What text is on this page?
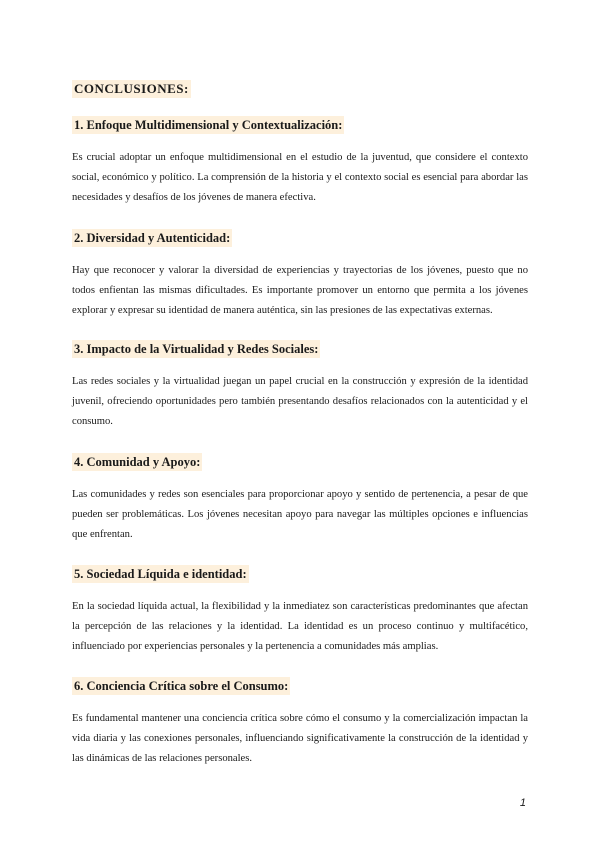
CONCLUSIONES:
1. Enfoque Multidimensional y Contextualización:
Es crucial adoptar un enfoque multidimensional en el estudio de la juventud, que considere el contexto social, económico y político. La comprensión de la historia y el contexto social es esencial para abordar las necesidades y desafíos de los jóvenes de manera efectiva.
2. Diversidad y Autenticidad:
Hay que reconocer y valorar la diversidad de experiencias y trayectorias de los jóvenes, puesto que no todos enfientan las mismas dificultades. Es importante promover un entorno que permita a los jóvenes explorar y expresar su identidad de manera auténtica, sin las presiones de las expectativas externas.
3. Impacto de la Virtualidad y Redes Sociales:
Las redes sociales y la virtualidad juegan un papel crucial en la construcción y expresión de la identidad juvenil, ofreciendo oportunidades pero también presentando desafíos relacionados con la autenticidad y el consumo.
4. Comunidad y Apoyo:
Las comunidades y redes son esenciales para proporcionar apoyo y sentido de pertenencia, a pesar de que pueden ser problemáticas. Los jóvenes necesitan apoyo para navegar las múltiples opciones e influencias que enfrentan.
5. Sociedad Líquida e identidad:
En la sociedad líquida actual, la flexibilidad y la inmediatez son características predominantes que afectan la percepción de las relaciones y la identidad. La identidad es un proceso continuo y multifacético, influenciado por experiencias personales y la pertenencia a comunidades más amplias.
6. Conciencia Crítica sobre el Consumo:
Es fundamental mantener una conciencia crítica sobre cómo el consumo y la comercialización impactan la vida diaria y las conexiones personales, influenciando significativamente la construcción de la identidad y las dinámicas de las relaciones personales.
1
